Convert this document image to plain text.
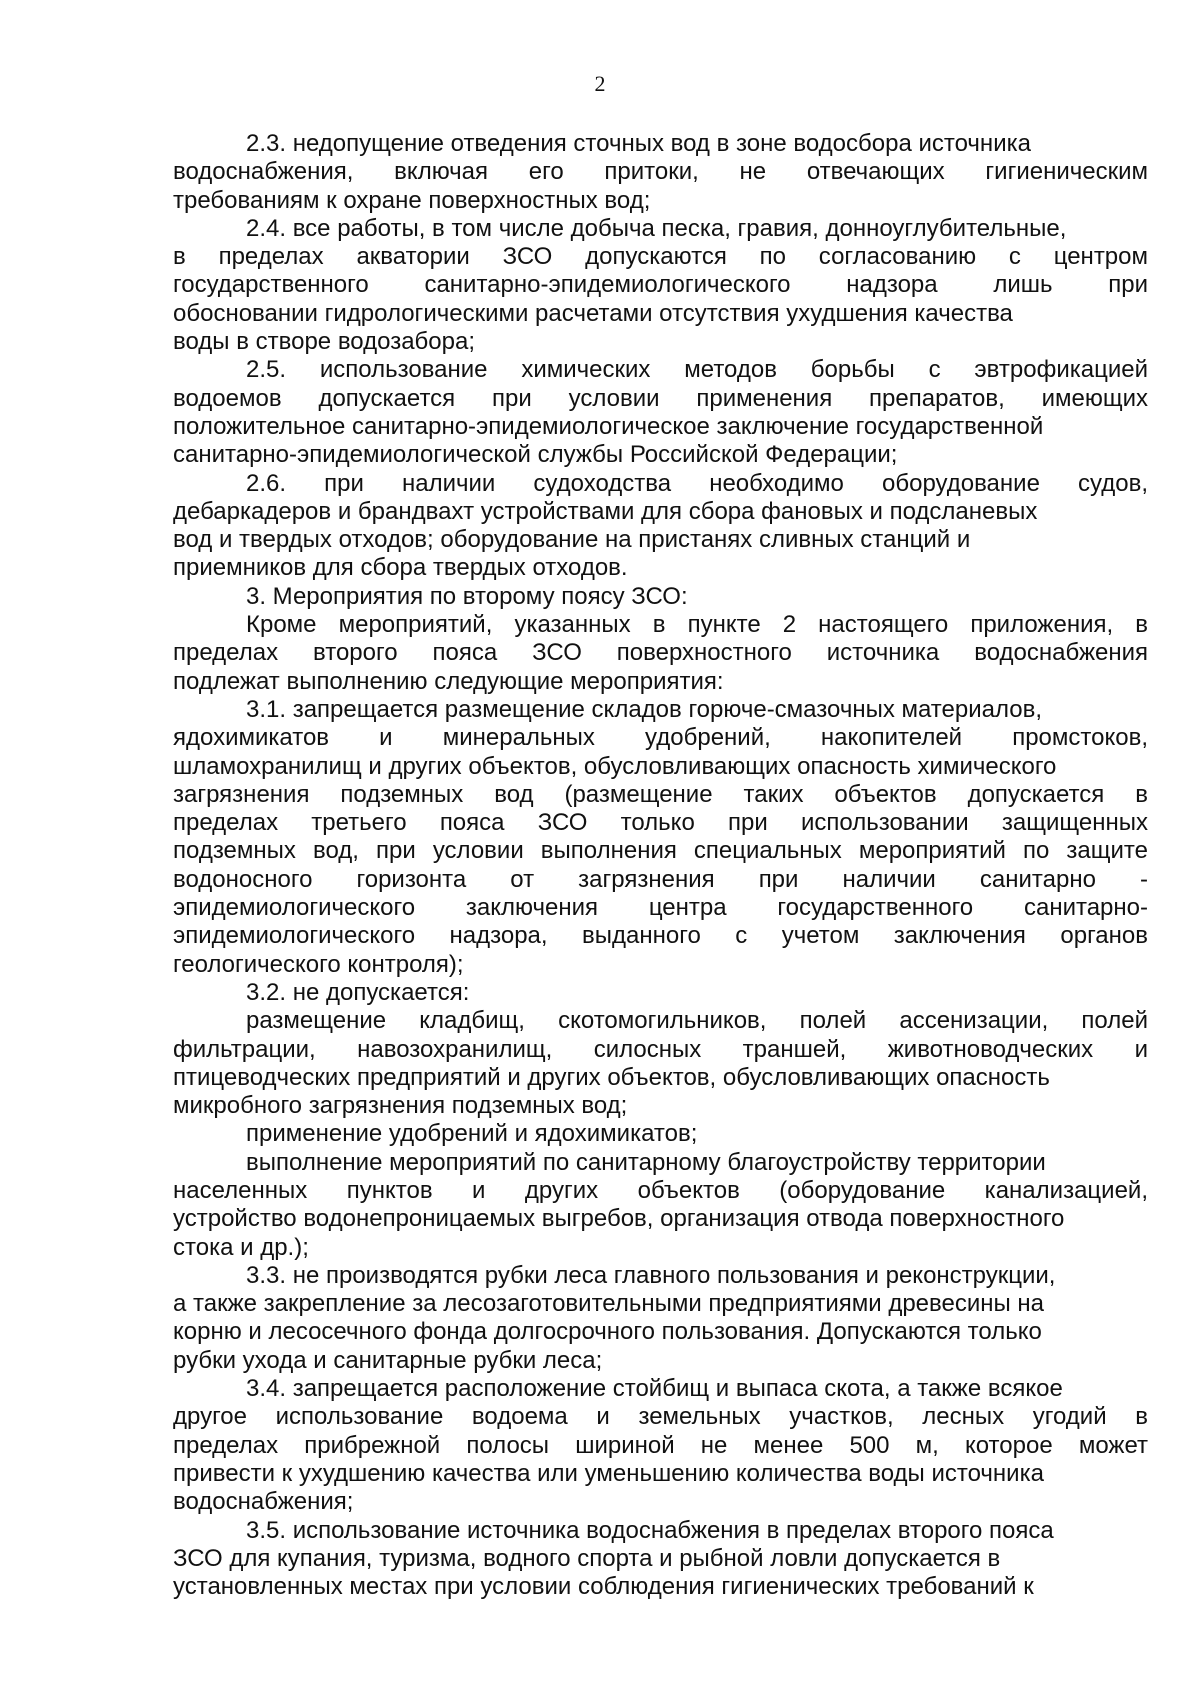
2
2.3. недопущение отведения сточных вод в зоне водосбора источника
водоснабжения, включая его притоки, не отвечающих гигиеническим
требованиям к охране поверхностных вод;
2.4. все работы, в том числе добыча песка, гравия, донноуглубительные,
в пределах акватории ЗСО допускаются по согласованию с центром
государственного санитарно-эпидемиологического надзора лишь при
обосновании гидрологическими расчетами отсутствия ухудшения качества
воды в створе водозабора;
2.5. использование химических методов борьбы с эвтрофикацией
водоемов допускается при условии применения препаратов, имеющих
положительное санитарно-эпидемиологическое заключение государственной
санитарно-эпидемиологической службы Российской Федерации;
2.6. при наличии судоходства необходимо оборудование судов,
дебаркадеров и брандвахт устройствами для сбора фановых и подсланевых
вод и твердых отходов; оборудование на пристанях сливных станций и
приемников для сбора твердых отходов.
3. Мероприятия по второму поясу ЗСО:
Кроме мероприятий, указанных в пункте 2 настоящего приложения, в
пределах второго пояса ЗСО поверхностного источника водоснабжения
подлежат выполнению следующие мероприятия:
3.1. запрещается размещение складов горюче-смазочных материалов,
ядохимикатов и минеральных удобрений, накопителей промстоков,
шламохранилищ и других объектов, обусловливающих опасность химического
загрязнения подземных вод (размещение таких объектов допускается в
пределах третьего пояса ЗСО только при использовании защищенных
подземных вод, при условии выполнения специальных мероприятий по защите
водоносного горизонта от загрязнения при наличии санитарно -
эпидемиологического заключения центра государственного санитарно-
эпидемиологического надзора, выданного с учетом заключения органов
геологического контроля);
3.2. не допускается:
размещение кладбищ, скотомогильников, полей ассенизации, полей
фильтрации, навозохранилищ, силосных траншей, животноводческих и
птицеводческих предприятий и других объектов, обусловливающих опасность
микробного загрязнения подземных вод;
применение удобрений и ядохимикатов;
выполнение мероприятий по санитарному благоустройству территории
населенных пунктов и других объектов (оборудование канализацией,
устройство водонепроницаемых выгребов, организация отвода поверхностного
стока и др.);
3.3. не производятся рубки леса главного пользования и реконструкции,
а также закрепление за лесозаготовительными предприятиями древесины на
корню и лесосечного фонда долгосрочного пользования. Допускаются только
рубки ухода и санитарные рубки леса;
3.4. запрещается расположение стойбищ и выпаса скота, а также всякое
другое использование водоема и земельных участков, лесных угодий в
пределах прибрежной полосы шириной не менее 500 м, которое может
привести к ухудшению качества или уменьшению количества воды источника
водоснабжения;
3.5. использование источника водоснабжения в пределах второго пояса
ЗСО для купания, туризма, водного спорта и рыбной ловли допускается в
установленных местах при условии соблюдения гигиенических требований к
